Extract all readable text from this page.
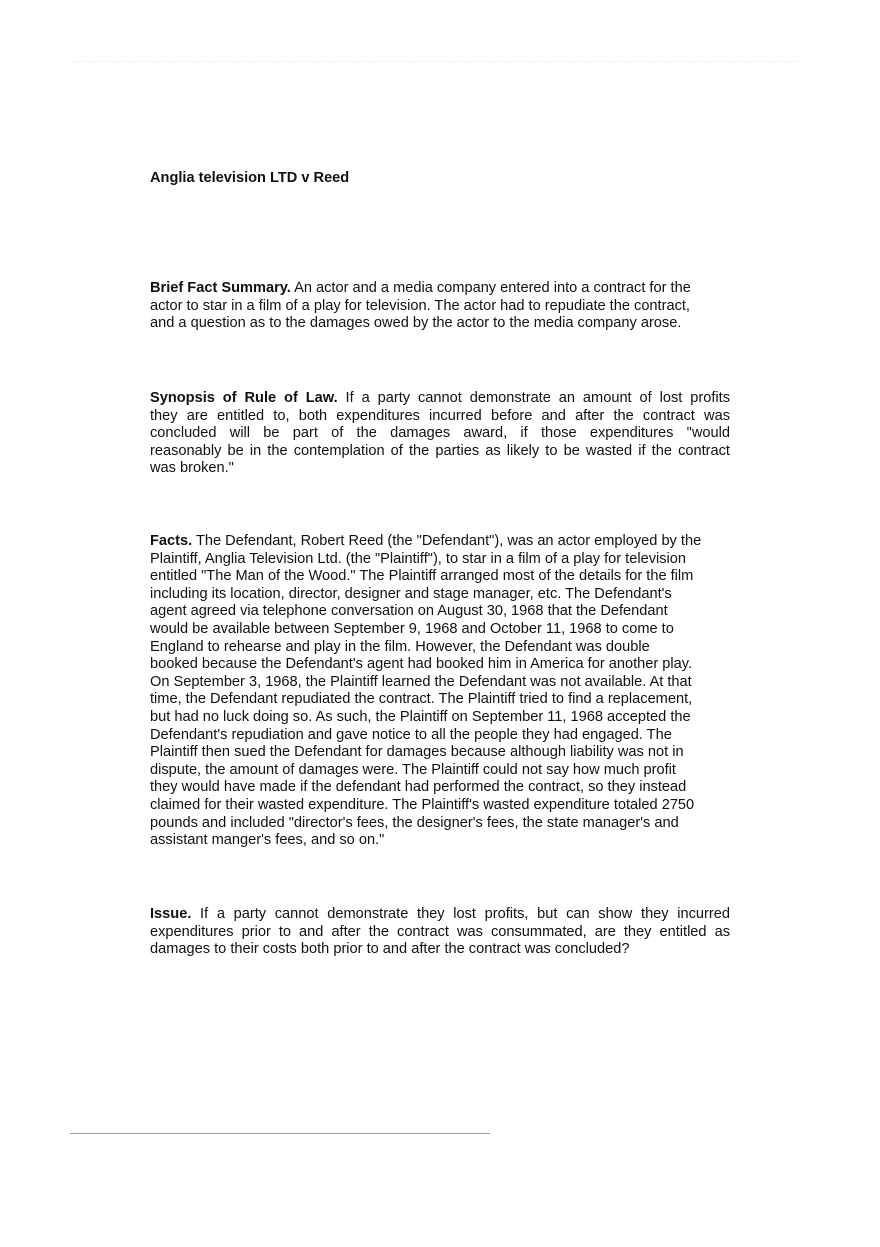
Anglia television LTD v Reed
Brief Fact Summary. An actor and a media company entered into a contract for the
actor to star in a film of a play for television. The actor had to repudiate the contract,
and a question as to the damages owed by the actor to the media company arose.
Synopsis of Rule of Law. If a party cannot demonstrate an amount of lost profits
they are entitled to, both expenditures incurred before and after the contract was
concluded will be part of the damages award, if those expenditures "would
reasonably be in the contemplation of the parties as likely to be wasted if the contract
was broken."
Facts. The Defendant, Robert Reed (the "Defendant"), was an actor employed by the
Plaintiff, Anglia Television Ltd. (the "Plaintiff"), to star in a film of a play for television
entitled "The Man of the Wood." The Plaintiff arranged most of the details for the film
including its location, director, designer and stage manager, etc. The Defendant's
agent agreed via telephone conversation on August 30, 1968 that the Defendant
would be available between September 9, 1968 and October 11, 1968 to come to
England to rehearse and play in the film. However, the Defendant was double
booked because the Defendant's agent had booked him in America for another play.
On September 3, 1968, the Plaintiff learned the Defendant was not available. At that
time, the Defendant repudiated the contract. The Plaintiff tried to find a replacement,
but had no luck doing so. As such, the Plaintiff on September 11, 1968 accepted the
Defendant's repudiation and gave notice to all the people they had engaged. The
Plaintiff then sued the Defendant for damages because although liability was not in
dispute, the amount of damages were. The Plaintiff could not say how much profit
they would have made if the defendant had performed the contract, so they instead
claimed for their wasted expenditure. The Plaintiff's wasted expenditure totaled 2750
pounds and included "director's fees, the designer's fees, the state manager's and
assistant manger's fees, and so on."
Issue. If a party cannot demonstrate they lost profits, but can show they incurred
expenditures prior to and after the contract was consummated, are they entitled as
damages to their costs both prior to and after the contract was concluded?
